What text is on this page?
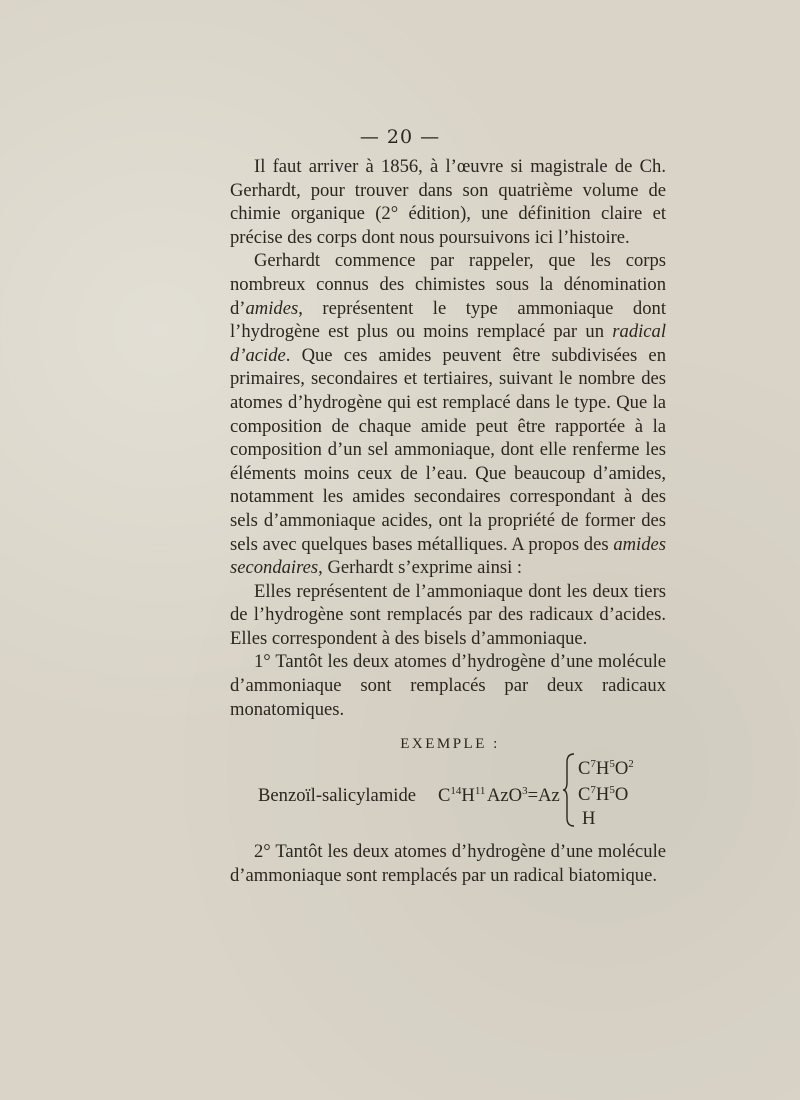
— 20 —

Il faut arriver à 1856, à l’œuvre si magistrale de Ch. Gerhardt, pour trouver dans son quatrième volume de chimie organique (2° édition), une définition claire et précise des corps dont nous poursuivons ici l’histoire.

Gerhardt commence par rappeler, que les corps nombreux connus des chimistes sous la dénomination d’amides, représentent le type ammoniaque dont l’hydrogène est plus ou moins remplacé par un radical d’acide. Que ces amides peuvent être subdivisées en primaires, secondaires et tertiaires, suivant le nombre des atomes d’hydrogène qui est remplacé dans le type. Que la composition de chaque amide peut être rapportée à la composition d’un sel ammoniaque, dont elle renferme les éléments moins ceux de l’eau. Que beaucoup d’amides, notamment les amides secondaires correspondant à des sels d’ammoniaque acides, ont la propriété de former des sels avec quelques bases métalliques. A propos des amides secondaires, Gerhardt s’exprime ainsi :

Elles représentent de l’ammoniaque dont les deux tiers de l’hydrogène sont remplacés par des radicaux d’acides. Elles correspondent à des bisels d’ammoniaque.

1° Tantôt les deux atomes d’hydrogène d’une molécule d’ammoniaque sont remplacés par deux radicaux monatomiques.

EXEMPLE :
Benzoïl-salicylamide $C^{14}H^{11}$ AzO$^3$=Az
$C^7H^5O^2$
$C^7H^5O$
H

2° Tantôt les deux atomes d’hydrogène d’une molécule d’ammoniaque sont remplacés par un radical biatomique.
